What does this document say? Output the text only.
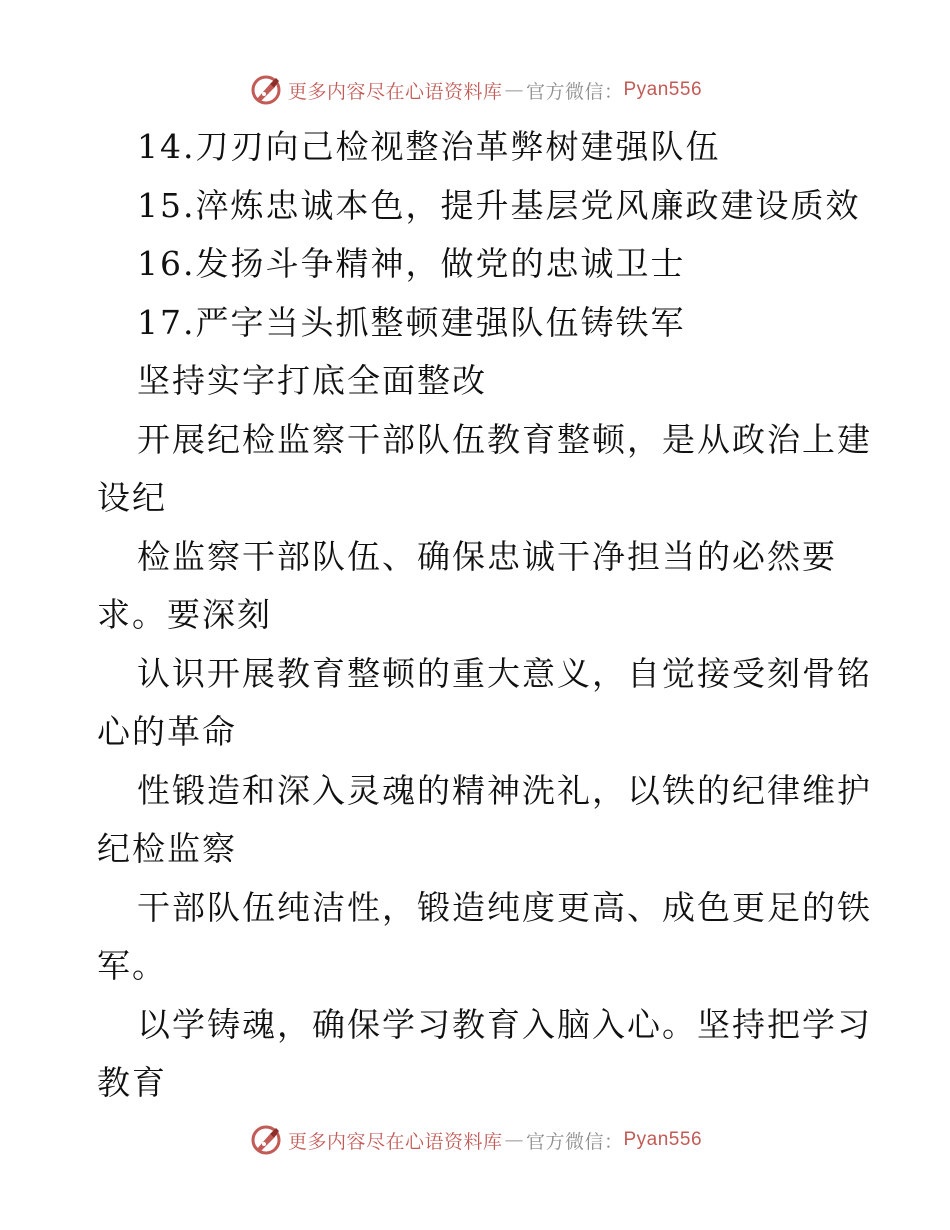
更多内容尽在心语资料库 — 官方微信： Pyan556
14.刀刃向己检视整治革弊树建强队伍
15.淬炼忠诚本色，提升基层党风廉政建设质效
16.发扬斗争精神，做党的忠诚卫士
17.严字当头抓整顿建强队伍铸铁军
坚持实字打底全面整改
开展纪检监察干部队伍教育整顿，是从政治上建
设纪
检监察干部队伍、确保忠诚干净担当的必然要
求。要深刻
认识开展教育整顿的重大意义，自觉接受刻骨铭
心的革命
性锻造和深入灵魂的精神洗礼，以铁的纪律维护
纪检监察
干部队伍纯洁性，锻造纯度更高、成色更足的铁
军。
以学铸魂，确保学习教育入脑入心。坚持把学习
教育
更多内容尽在心语资料库 — 官方微信： Pyan556
